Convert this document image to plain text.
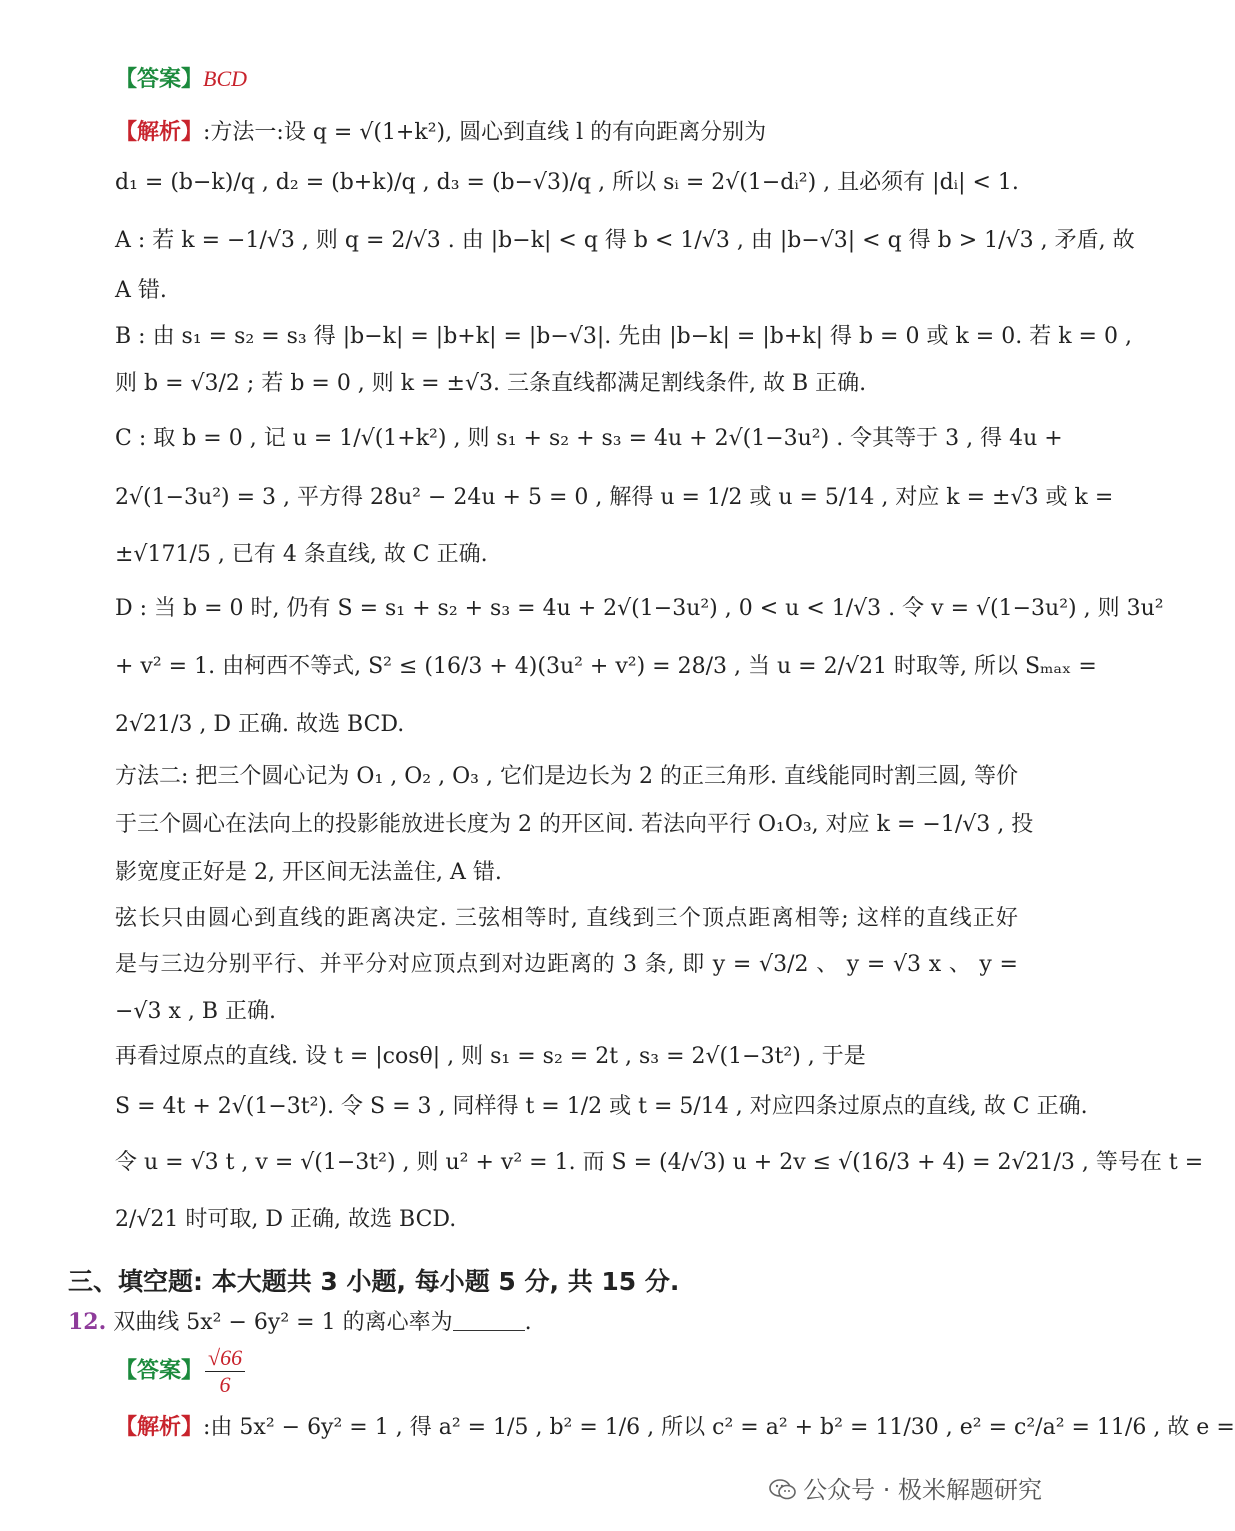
【答案】BCD
【解析】:方法一:设 q = √(1+k²), 圆心到直线 l 的有向距离分别为
d₁ = (b−k)/q , d₂ = (b+k)/q , d₃ = (b−√3)/q , 所以 sᵢ = 2√(1−dᵢ²) , 且必须有 |dᵢ| < 1.
A : 若 k = −1/√3 , 则 q = 2/√3 . 由 |b−k| < q 得 b < 1/√3 , 由 |b−√3| < q 得 b > 1/√3 , 矛盾, 故
A 错.
B : 由 s₁ = s₂ = s₃ 得 |b−k| = |b+k| = |b−√3|. 先由 |b−k| = |b+k| 得 b = 0 或 k = 0. 若 k = 0 ,
则 b = √3/2 ; 若 b = 0 , 则 k = ±√3. 三条直线都满足割线条件, 故 B 正确.
C : 取 b = 0 , 记 u = 1/√(1+k²) , 则 s₁ + s₂ + s₃ = 4u + 2√(1−3u²) . 令其等于 3 , 得 4u +
2√(1−3u²) = 3 , 平方得 28u² − 24u + 5 = 0 , 解得 u = 1/2 或 u = 5/14 , 对应 k = ±√3 或 k =
±√171/5 , 已有 4 条直线, 故 C 正确.
D : 当 b = 0 时, 仍有 S = s₁ + s₂ + s₃ = 4u + 2√(1−3u²) , 0 < u < 1/√3 . 令 v = √(1−3u²) , 则 3u²
+ v² = 1. 由柯西不等式, S² ≤ (16/3 + 4)(3u² + v²) = 28/3 , 当 u = 2/√21 时取等, 所以 Sₘₐₓ =
2√21/3 , D 正确. 故选 BCD.
方法二: 把三个圆心记为 O₁ , O₂ , O₃ , 它们是边长为 2 的正三角形. 直线能同时割三圆, 等价
于三个圆心在法向上的投影能放进长度为 2 的开区间. 若法向平行 O₁O₃, 对应 k = −1/√3 , 投
影宽度正好是 2, 开区间无法盖住, A 错.
弦长只由圆心到直线的距离决定. 三弦相等时, 直线到三个顶点距离相等; 这样的直线正好
是与三边分别平行、并平分对应顶点到对边距离的 3 条, 即 y = √3/2 、 y = √3 x 、 y =
−√3 x , B 正确.
再看过原点的直线. 设 t = |cosθ| , 则 s₁ = s₂ = 2t , s₃ = 2√(1−3t²) , 于是
S = 4t + 2√(1−3t²). 令 S = 3 , 同样得 t = 1/2 或 t = 5/14 , 对应四条过原点的直线, 故 C 正确.
令 u = √3 t , v = √(1−3t²) , 则 u² + v² = 1. 而 S = (4/√3) u + 2v ≤ √(16/3 + 4) = 2√21/3 , 等号在 t =
2/√21 时可取, D 正确, 故选 BCD.
三、填空题: 本大题共 3 小题, 每小题 5 分, 共 15 分.
12. 双曲线 5x² − 6y² = 1 的离心率为	.
【答案】 $\frac{√66}{6}$
【解析】:由 5x² − 6y² = 1 , 得 a² = 1/5 , b² = 1/6 , 所以 c² = a² + b² = 11/30 , e² = c²/a² = 11/6 , 故 e =
公众号 · 极米解题研究
